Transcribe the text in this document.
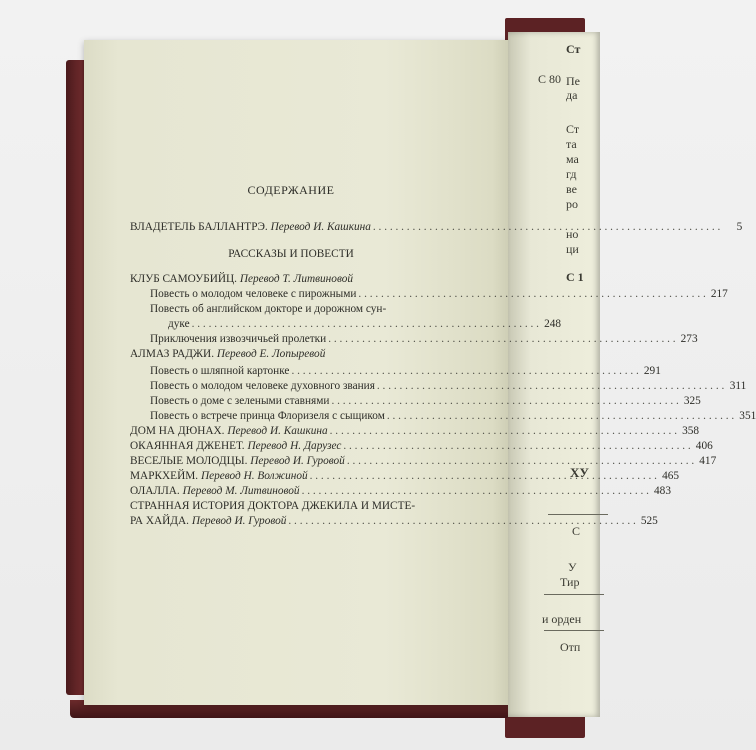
Ст
С 80 Пе
да
Ст
та
ма
гд
ве
ро
но
ци
С 1
ХУ
С
У
Тир
и орден
Отп
СОДЕРЖАНИЕ
ВЛАДЕТЕЛЬ БАЛЛАНТРЭ. Перевод И. Кашкина . . .	5
РАССКАЗЫ И ПОВЕСТИ
КЛУБ САМОУБИЙЦ. Перевод Т. Литвиновой
Повесть о молодом человеке с пирожными . . .	217
Повесть об английском докторе и дорожном сун-
дуке . . .	248
Приключения извозчичьей пролетки . . .	273
АЛМАЗ РАДЖИ. Перевод Е. Лопыревой
Повесть о шляпной картонке . . .	291
Повесть о молодом человеке духовного звания . . .	311
Повесть о доме с зелеными ставнями . . .	325
Повесть о встрече принца Флоризеля с сыщиком . . .	351
ДОМ НА ДЮНАХ. Перевод И. Кашкина . . .	358
ОКАЯННАЯ ДЖЕНЕТ. Перевод Н. Дарузес . . .	406
ВЕСЕЛЫЕ МОЛОДЦЫ. Перевод И. Гуровой . . .	417
МАРКХЕЙМ. Перевод Н. Волжиной . . .	465
ОЛАЛЛА. Перевод М. Литвиновой . . .	483
СТРАННАЯ ИСТОРИЯ ДОКТОРА ДЖЕКИЛА И МИСТЕ-
РА ХАЙДА. Перевод И. Гуровой . . .	525
